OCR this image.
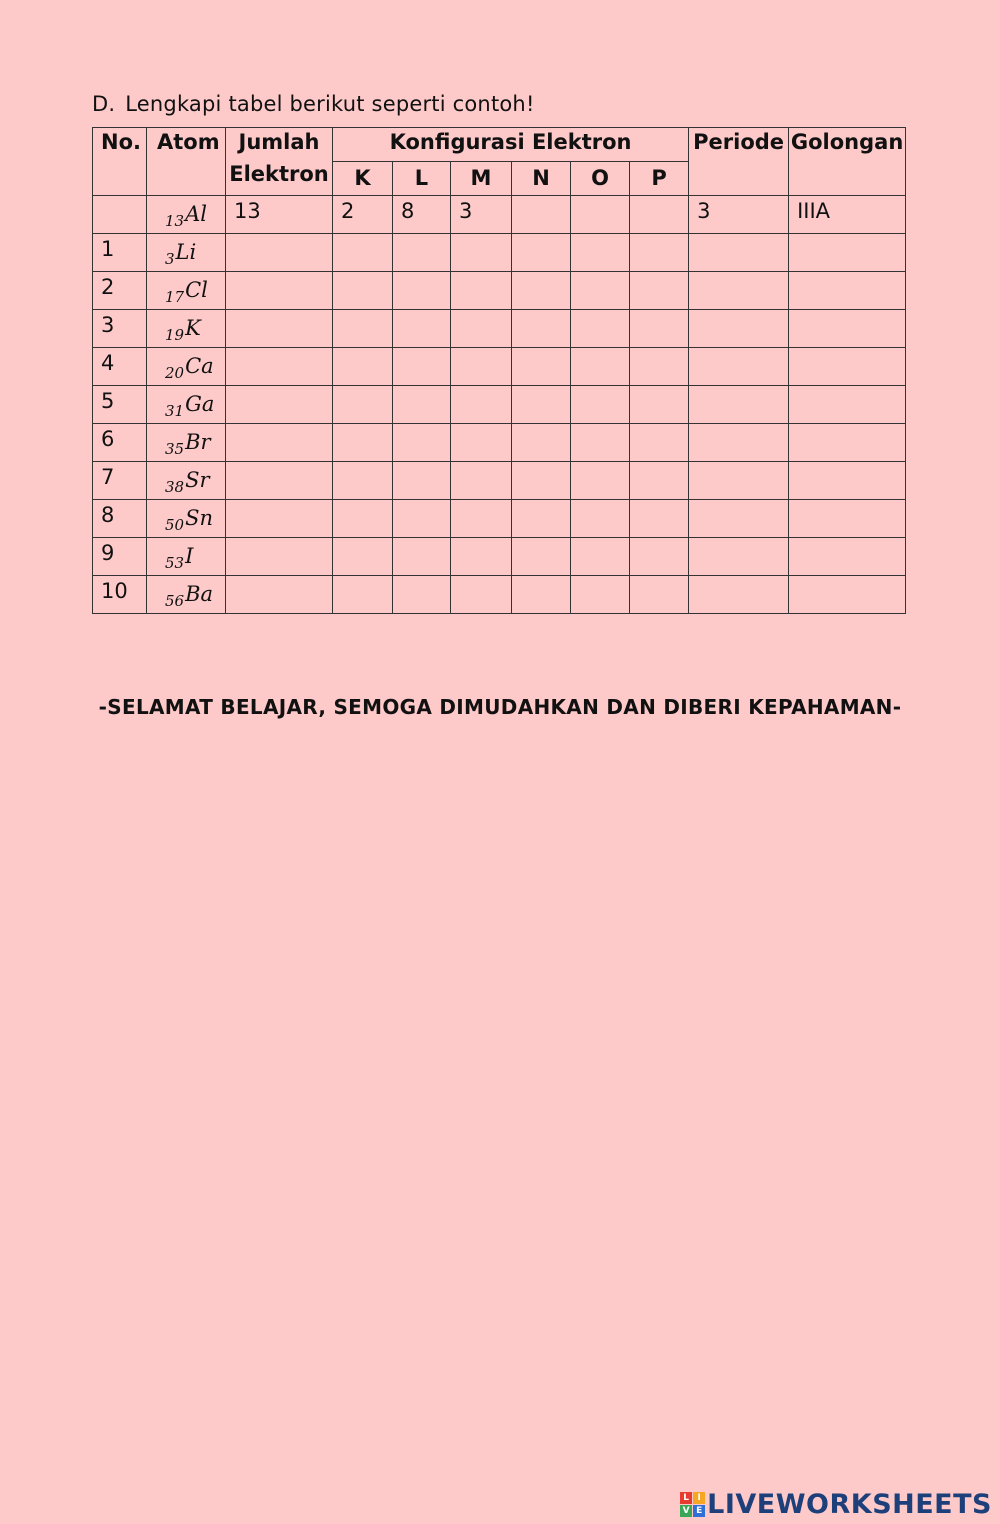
D. Lengkapi tabel berikut seperti contoh!
No.	Atom	Jumlah	Konfigurasi Elektron						Periode	Golongan

		Elektron	K	L	M	N	O	P		

	$_{13}$Al	13	2	8	3				3	IIIA

1	$_3$Li									

2	$_{17}$Cl									

3	$_{19}$K									

4	$_{20}$Ca									

5	$_{31}$Ga									

6	$_{35}$Br									

7	$_{38}$Sr									

8	$_{50}$Sn									

9	$_{53}$I									

10	$_{56}$Ba									

-SELAMAT BELAJAR, SEMOGA DIMUDAHKAN DAN DIBERI KEPAHAMAN-
L I
V E LIVEWORKSHEETS
